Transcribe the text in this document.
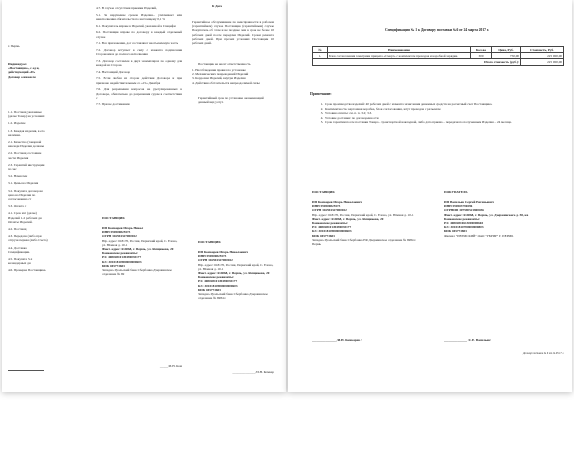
г. Пермь

Индивидуал «Поставщик», с од и, действующий «П» Договор о нижесле

1.1. Поставщ указанные (далее Товар) на условиях

1.2. Изделие

1.3. Каждая изделия, в его наличии.

2.1. Качество (товарной накладн Изделия должны

2.2. Поставщ состояние части Изделия

2.3. Гарантий инструкции по экс

3.2. Начислен

3.1. Цены на Изделия

3.2. Покупате договором цена на Изделия по согласованию ст

3.3. Оплата с

4.1. Срок изг (далее) Изделий 1-2 рабочих дн Оплаты Изделий.

4.2. Поставщ

4.3. Передача (либо при отгрузк первая (либо Счета)

4.4. Доставка Спецификации.

4.5. Покупате 3-х календарных дн

4.6. Проверка Поставщика.

4.7. В случае отсутствия приемки Изделий,

5.1. За нарушение сроков Изделия... уплачивает или неисполнения обязательств по настоящему 0,1 %

6.1. Покупатель вправе в Изделий, указанной в Специфи

6.2. Поставщик вправе по договору в каждый отдельный случае

7.1. Все приложения, дог составляют неотъемлемую часть

7.2. Договор вступает в силу с момента подписания Сторонами и до полного исполнения

7.3. Договор составлен в двух экземплярах по одному для каждой из Сторон.

7.4. Настоящий Договор

7.5. Если любая из сторон действия Договора и при признано недействительным со «15» Декабря

7.6. Для разрешения вопросов не урегулированных в Договоре, обязательно до разрешения судом в соответствии с

7.7. При не достижении

ПОСТАВЩИК

ИП Комкарев Игорь Никол

ИНН 590500825573

ОГРН 316594327000022

Юр. адрес: 618170, Россия, Пермский край, С. Елово, ул. Южная д. 10-1

Факт. адрес: 614068, г. Пермь, ул. Ямщикова, 20

Банковские реквизиты:

Р/С 40802810149490035177

К/С 30101810900000000603

БИК 045773603

Западно-Уральский банк Сбербанка Дзержинское отделение № 69

_____/И.Н. Ком

К Дого

Гарантийное обслуживание по неисправности в рабочем (гарантийном) случае Поставщик (гарантийным) случае Покупатель об этом и не позднее чем в срок не более 10 рабочих дней после передачи Изделий. Сроки ремонта рабочих дней. При прочих условиях Поставщик 10 рабочих дней.

Поставщик не несет ответственность

1. Несоблюдения правил по установке

2. Механических повреждений Изделий

3. Коррозии Изделий, внутри Изделия

4. Действия обстоятельств непреодолимой силы

Гарантийный срок по установке оказывающий данный вид услуг.

ПОСТАВЩИК

ИП Комкарев Игорь Николаевич

ИНН 590500825573

ОГРН 316594327000022

Юр. адрес: 618170, Россия, Пермский край, С. Елово, ул. Южная д. 10-1

Факт. адрес: 614068, г. Пермь, ул. Ямщикова, 20

Банковские реквизиты:

Р/С 40802810149490035177

К/С 30101810900000000603

БИК 045773603

Западно-Уральский банк Сбербанка Дзержинское отделение № 6984 г.

______________/И.Н. Комкар

Спецификация № 1 к Договору поставки №6 от 24 марта 2017 г.

№	Наименование	Кол-во	Цена, Руб.	Стоимость, Руб.
1.	Блок согласования электрики прицепа «Смарт» с комплектом проводов и коробкой зарядки.	300	750,00	225 000,00
Итого стоимость (руб.):				225 000,00

Примечание:

1. Срок производства изделий: 40 рабочих дней с момента зачисления денежных средств на расчетный счет Поставщика.
2. Комплектность: картонная коробка, блок согласования, жгут проводов с разъемом
3. Условия оплаты: см. п. п. 3.2; 3.3.
4. Условие доставки: по договоренности
5. Срок гарантии после поставки Товара - транспортной накладной, либо дата приема – передачи по полученным Изделия – 24 месяца.

ПОСТАВЩИК

ИП Комкарев Игорь Николаевич

ИНН 590500825573

ОГРН 316594327000022

Юр. адрес: 618170, Россия, Пермский край, С. Елово, ул. Южная д. 10-1

Факт. адрес: 614068, г. Пермь, ул. Ямщикова, 20

Банковские реквизиты:

Р/С 40802810149490035177

К/С 30101810900000000603

БИК 045773603

Западно-Уральский банк Сбербанка РФ Дзержинское отделение № 6984 г. Пермь

ПОКУПАТЕЛЬ

ИП Васильев Сергей Евгеньевич

ИНН 590503796596

ОГРНИП 307590521800036

Факт. адрес: 614068, г. Пермь, ул. Дзержинского д. 58, кв

Банковские реквизиты:

Р/С 40802810613000000665

К/С 30101810700000000803

БИК 045773803

Филиал "ПЕРМСКИЙ" ОАО "УБРИР" Г. ПЕРМЬ

_______________/И.Н. Комкарев /	______________ /С.Е. Васильев/

Договор поставки № 6 от 24.03.17 г.
